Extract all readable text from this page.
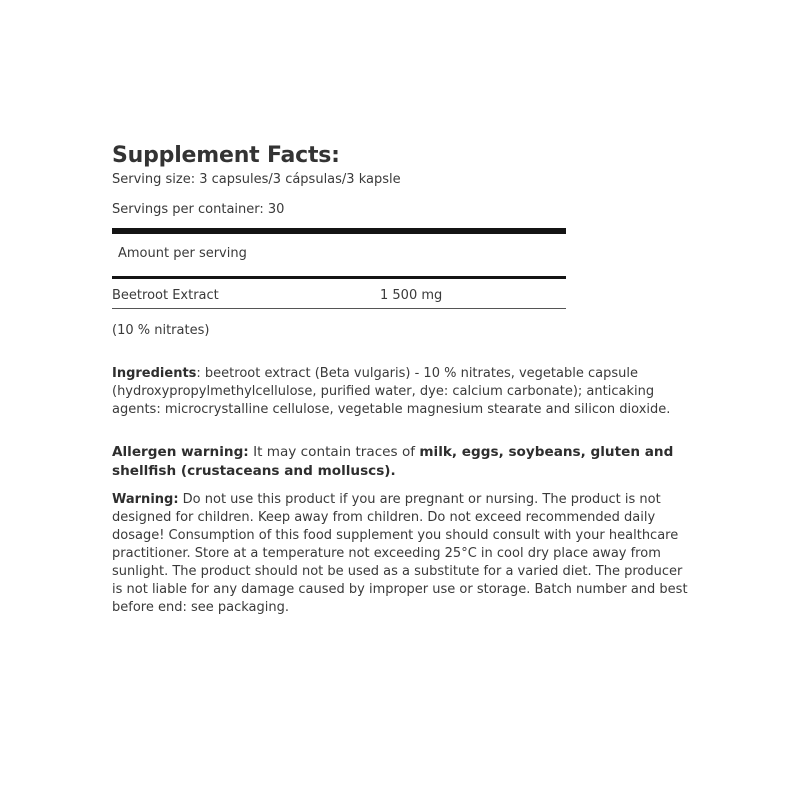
Supplement Facts:
Serving size: 3 capsules/3 cápsulas/3 kapsle
Servings per container: 30
Amount per serving
Beetroot Extract	1 500 mg
(10 % nitrates)
Ingredients: beetroot extract (Beta vulgaris) - 10 % nitrates, vegetable capsule (hydroxypropylmethylcellulose, purified water, dye: calcium carbonate); anticaking agents: microcrystalline cellulose, vegetable magnesium stearate and silicon dioxide.
Allergen warning: It may contain traces of milk, eggs, soybeans, gluten and shellfish (crustaceans and molluscs).
Warning: Do not use this product if you are pregnant or nursing. The product is not designed for children. Keep away from children. Do not exceed recommended daily dosage! Consumption of this food supplement you should consult with your healthcare practitioner. Store at a temperature not exceeding 25°C in cool dry place away from sunlight. The product should not be used as a substitute for a varied diet. The producer is not liable for any damage caused by improper use or storage. Batch number and best before end: see packaging.
